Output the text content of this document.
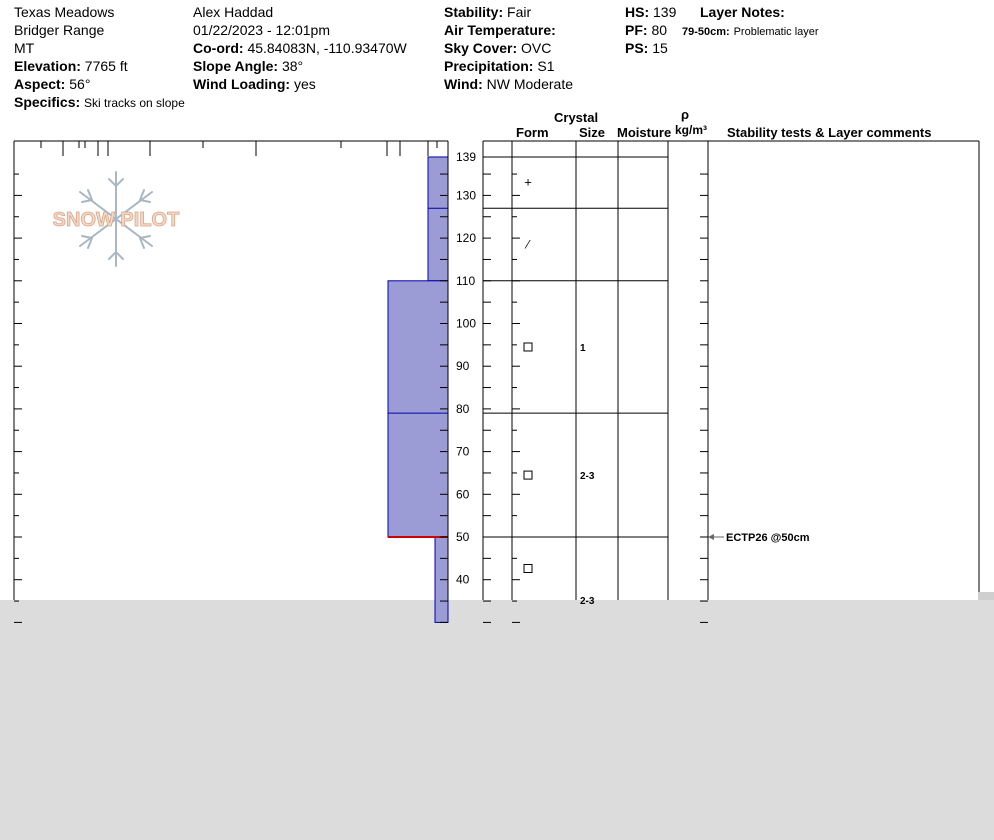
Texas Meadows
Bridger Range
MT
Elevation: 7765 ft
Aspect: 56°
Specifics: Ski tracks on slope
Alex Haddad
01/22/2023 - 12:01pm
Co-ord: 45.84083N, -110.93470W
Slope Angle: 38°
Wind Loading: yes
Stability: Fair
Air Temperature:
Sky Cover: OVC
Precipitation: S1
Wind: NW Moderate
HS: 139
PF: 80
PS: 15
Layer Notes:
79-50cm: Problematic layer
Crystal
Form Size Moisture
ρ
kg/m³ Stability tests & Layer comments
SNOW PILOT
139
130
120
110
100
90
80
70
60
50
40
+
⁄
1
2-3
2-3
ECTP26 @50cm
